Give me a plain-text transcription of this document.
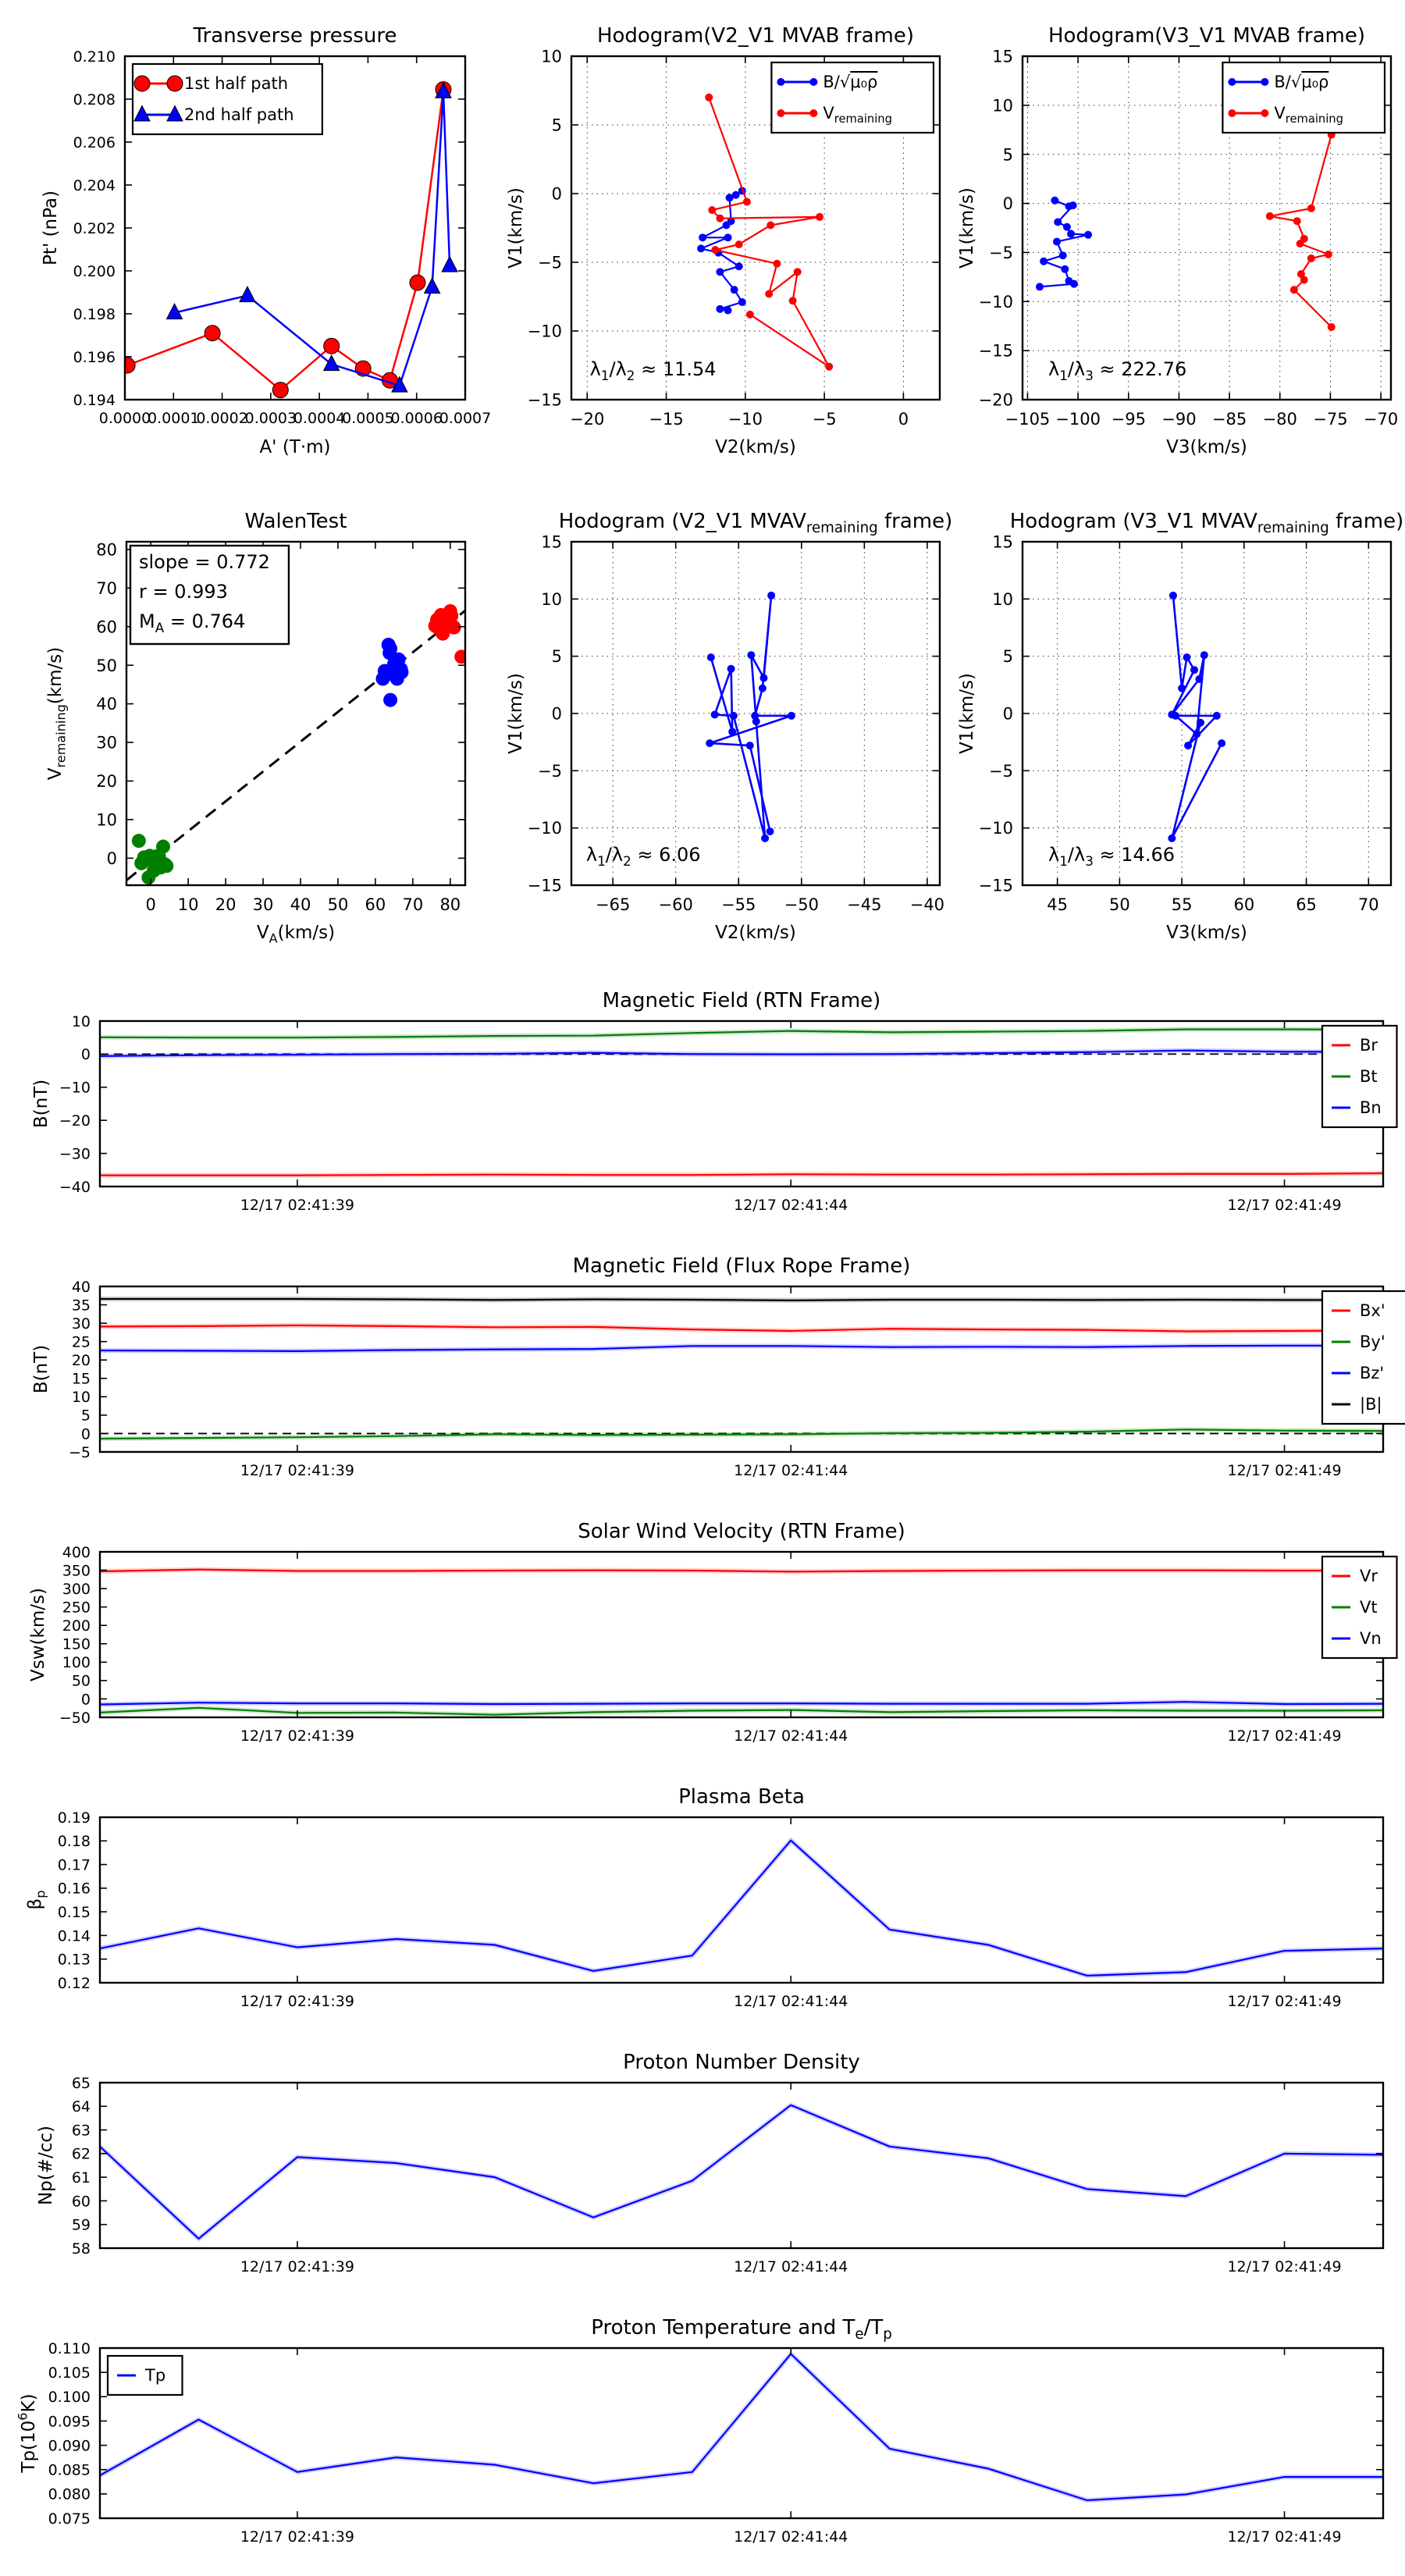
0.0000
0.0001
0.0002
0.0003
0.0004
0.0005
0.0006
0.0007
0.194
0.196
0.198
0.200
0.202
0.204
0.206
0.208
0.210
Transverse pressure
A' (T·m)
Pt' (nPa)
1st half path
2nd half path
−20	−15	−10	−5	0
−15
−10
−5
0
5
10
Hodogram(V2_V1 MVAB frame)
V2(km/s)
V1(km/s)
$\lambda_1/\lambda_2 \approx 11.54$
B/√μ₀ρ
$V_{remaining}$
−105 −100 −95 −90 −85 −80 −75 −70
−20
−15
−10
−5
0
5
10
15
Hodogram(V3_V1 MVAB frame)
V3(km/s)
V1(km/s)
$\lambda_1/\lambda_3 \approx 222.76$
B/√μ₀ρ
$V_{remaining}$
0 10 20 30 40 50 60 70 80
0
10
20
30
40
50
60
70
80
WalenTest
$V_A(km/s)$
$V_{remaining}(km/s)$
slope = 0.772
r = 0.993
$M_A = 0.764$
−65 −60 −55 −50 −45 −40
−15
−10
−5
0
5
10
15
Hodogram (V2_V1 $MVAV_{remaining}$ frame)
V2(km/s)
V1(km/s)
$\lambda_1/\lambda_2 \approx 6.06$
45	50	55	60	65	70
−15
−10
−5
0
5
10
15
Hodogram (V3_V1 $MVAV_{remaining}$ frame)
V3(km/s)
V1(km/s)
$\lambda_1/\lambda_3 \approx 14.66$
12/17 02:41:39	12/17 02:41:44	12/17 02:41:49
−40
−30
−20
−10
0
10
Magnetic Field (RTN Frame)
B(nT)
Br
Bt
Bn
12/17 02:41:39	12/17 02:41:44	12/17 02:41:49
−5
0
5
10
15
20
25
30
35
40
Magnetic Field (Flux Rope Frame)
B(nT)
Bx'
By'
Bz'
|B|
12/17 02:41:39	12/17 02:41:44	12/17 02:41:49
−50
0
50
100
150
200
250
300
350
400
Solar Wind Velocity (RTN Frame)
Vsw(km/s)
Vr
Vt
Vn
12/17 02:41:39	12/17 02:41:44	12/17 02:41:49
0.12
0.13
0.14
0.15
0.16
0.17
0.18
0.19
Plasma Beta
$\beta_p$
12/17 02:41:39	12/17 02:41:44	12/17 02:41:49
58
59
60
61
62
63
64
65
Proton Number Density
Np(#/cc)
12/17 02:41:39	12/17 02:41:44	12/17 02:41:49
0.075
0.080
0.085
0.090
0.095
0.100
0.105
0.110
Proton Temperature and $T_e/T_p$
$Tp(10^6K)$
Tp
